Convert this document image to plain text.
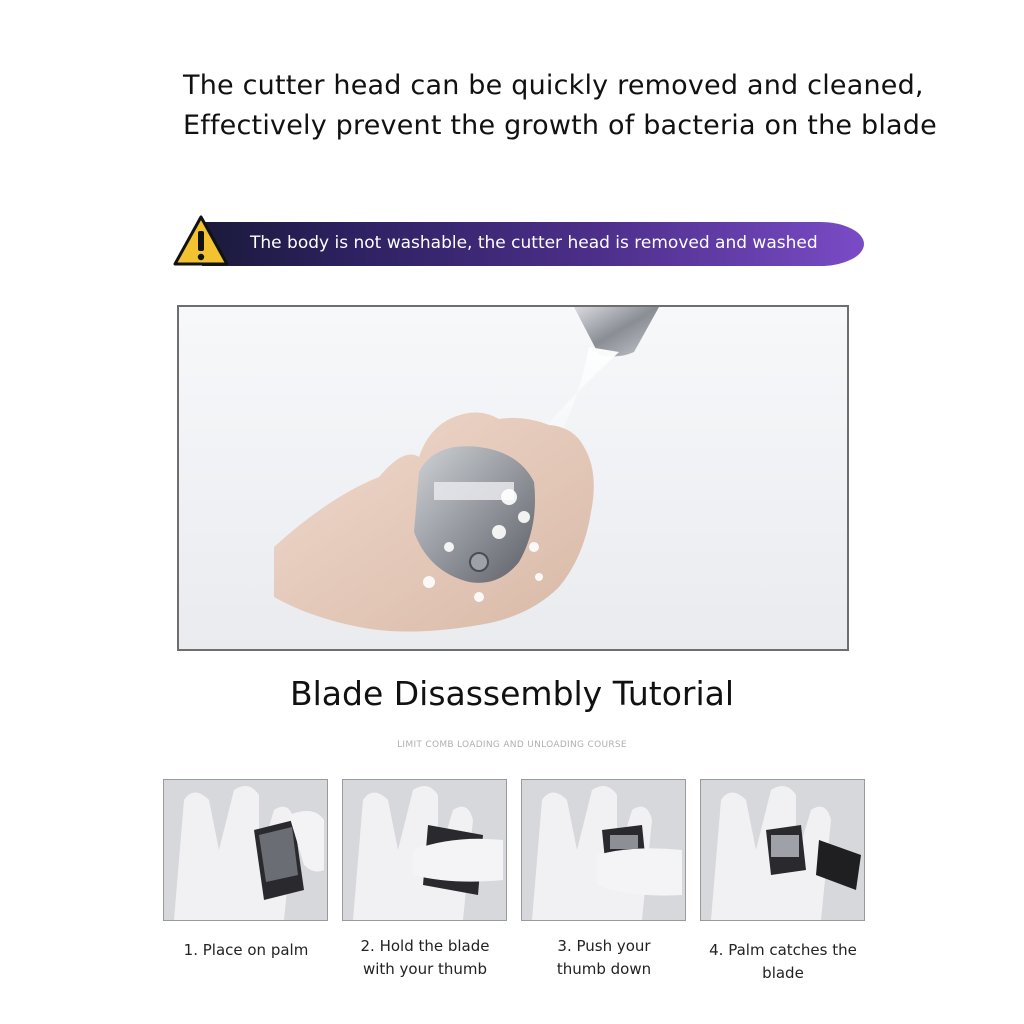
The cutter head can be quickly removed and cleaned,
Effectively prevent the growth of bacteria on the blade
The body is not washable, the cutter head is removed and washed
Blade Disassembly Tutorial
LIMIT COMB LOADING AND UNLOADING COURSE
1. Place on palm	2. Hold the blade
with your thumb
3. Push your
thumb down
4. Palm catches the blade
